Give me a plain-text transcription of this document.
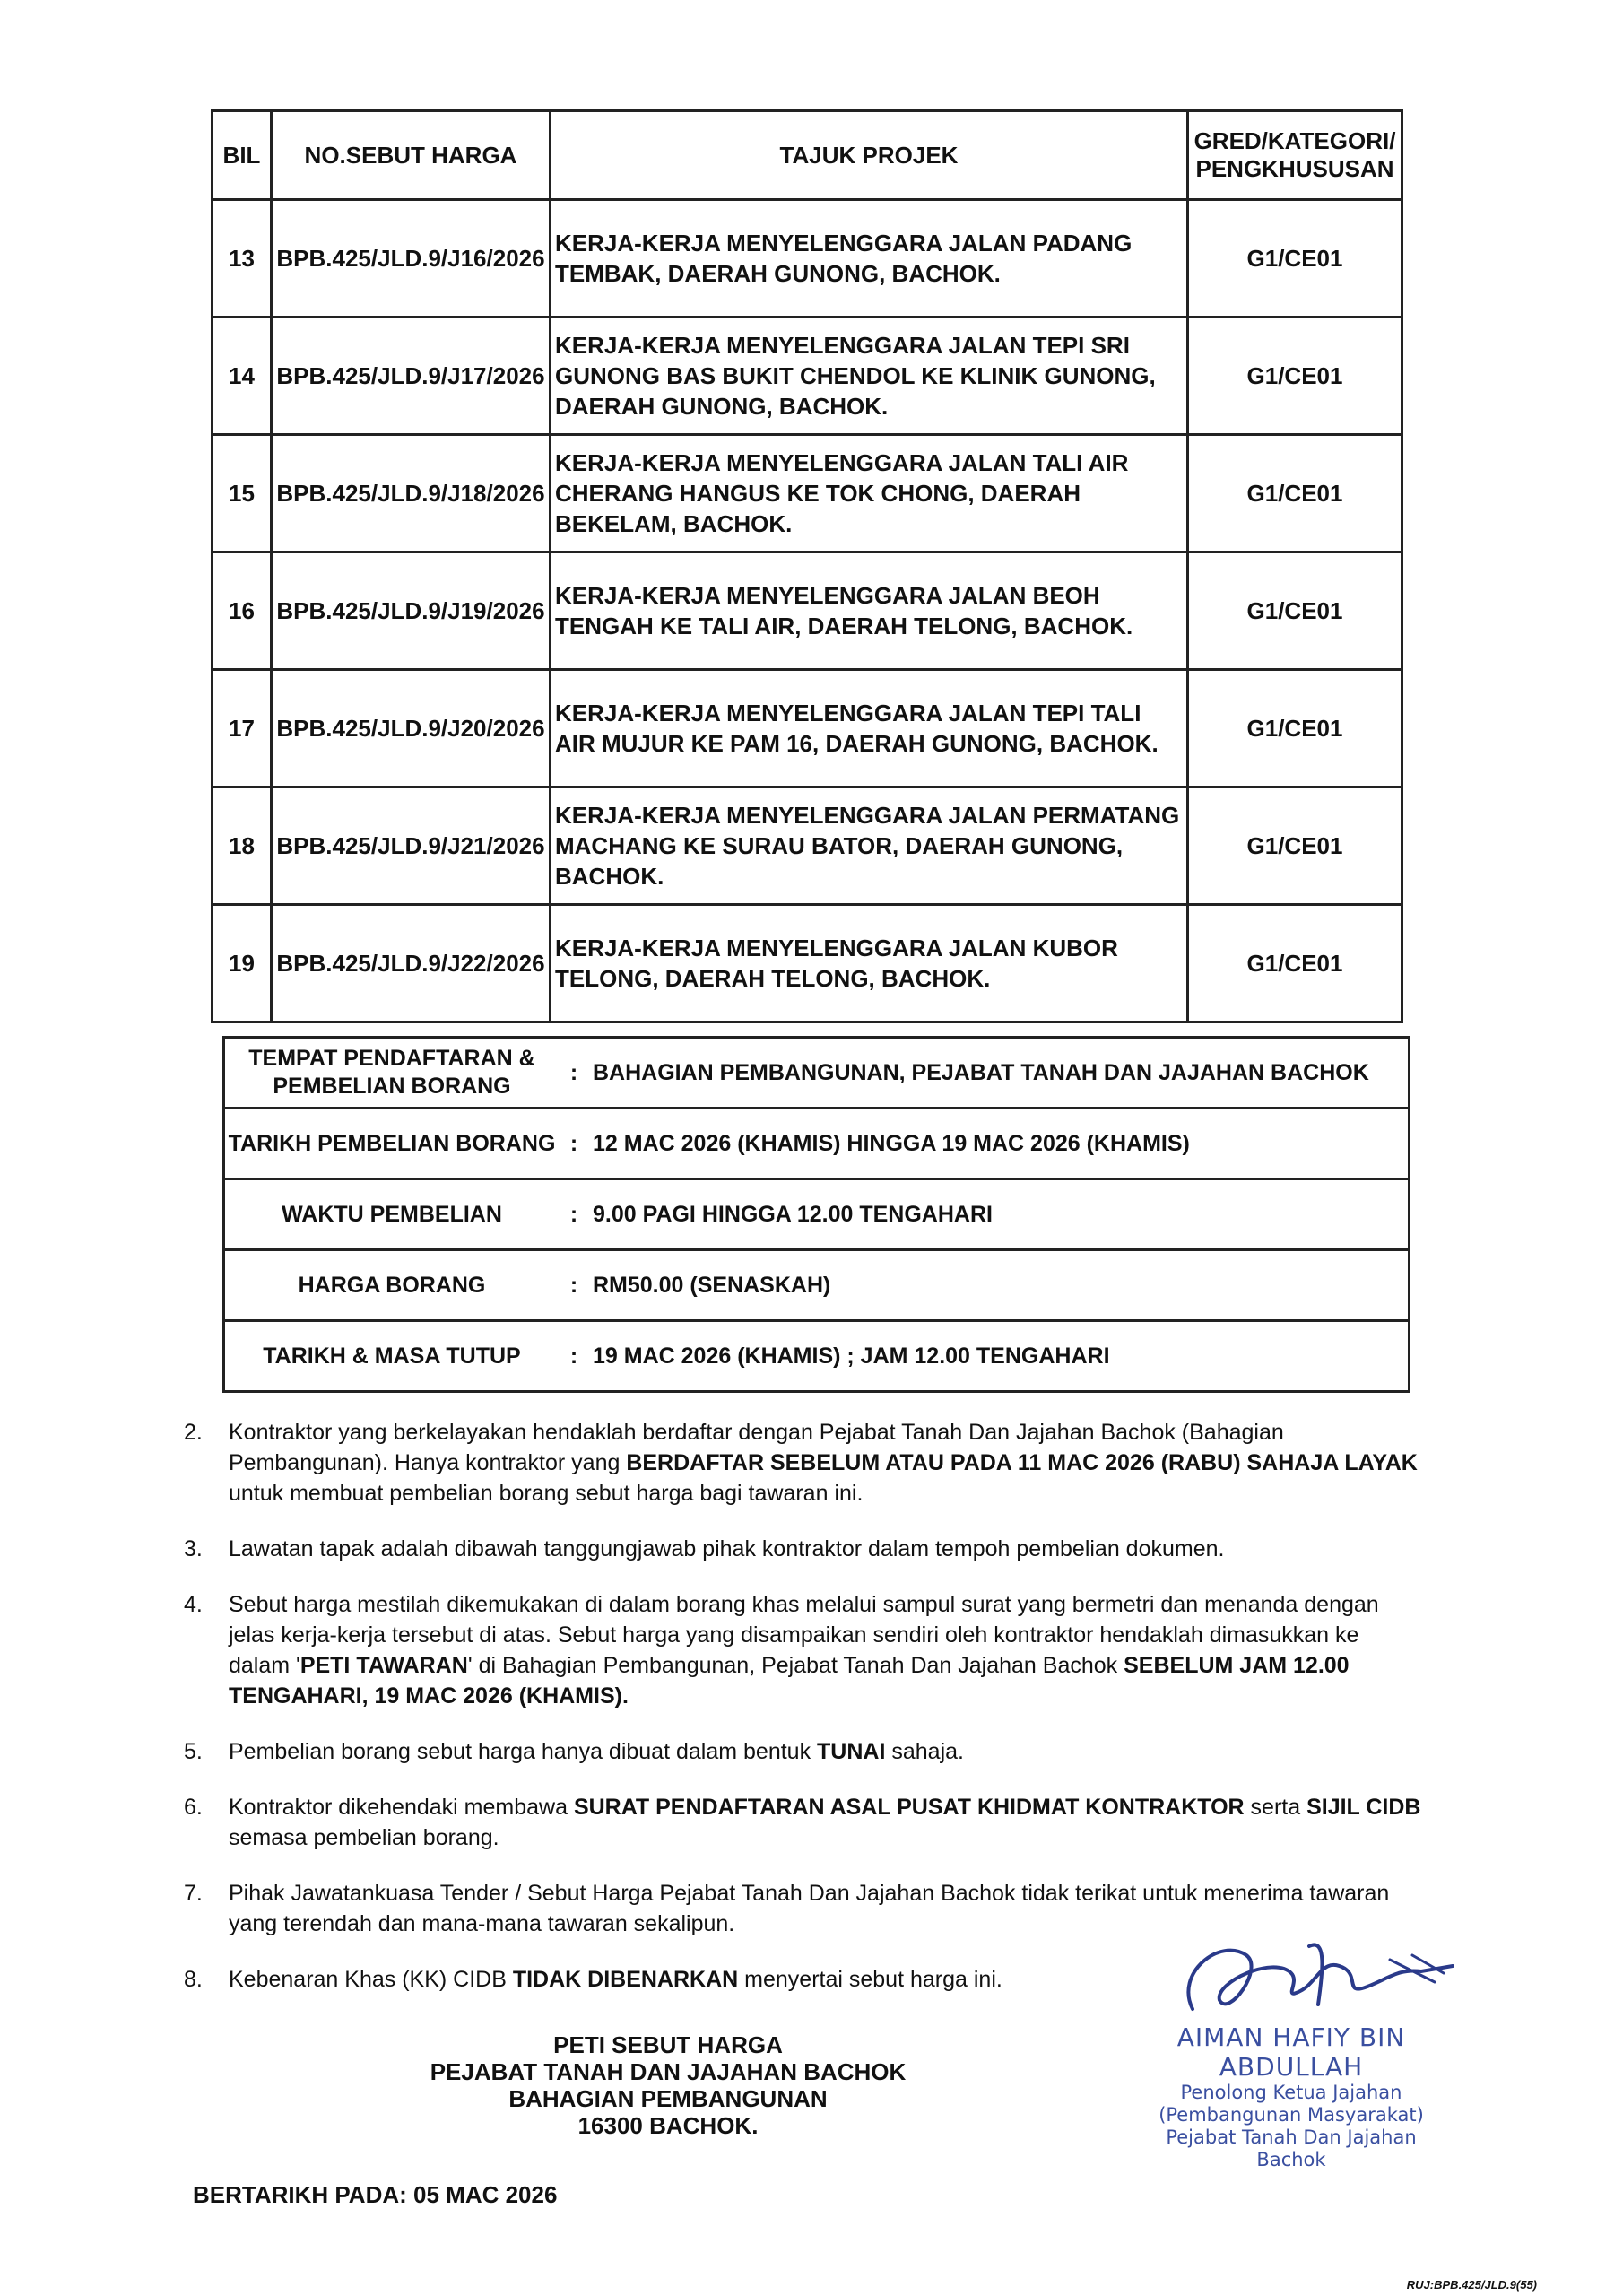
BIL	NO.SEBUT HARGA	TAJUK PROJEK	GRED/KATEGORI/ PENGKHUSUSAN
13	BPB.425/JLD.9/J16/2026	KERJA-KERJA MENYELENGGARA JALAN PADANG TEMBAK, DAERAH GUNONG, BACHOK.	G1/CE01
14	BPB.425/JLD.9/J17/2026	KERJA-KERJA MENYELENGGARA JALAN TEPI SRI GUNONG BAS BUKIT CHENDOL KE KLINIK GUNONG, DAERAH GUNONG, BACHOK.	G1/CE01
15	BPB.425/JLD.9/J18/2026	KERJA-KERJA MENYELENGGARA JALAN TALI AIR CHERANG HANGUS KE TOK CHONG, DAERAH BEKELAM, BACHOK.	G1/CE01
16	BPB.425/JLD.9/J19/2026	KERJA-KERJA MENYELENGGARA JALAN BEOH TENGAH KE TALI AIR, DAERAH TELONG, BACHOK.	G1/CE01
17	BPB.425/JLD.9/J20/2026	KERJA-KERJA MENYELENGGARA JALAN TEPI TALI AIR MUJUR KE PAM 16, DAERAH GUNONG, BACHOK.	G1/CE01
18	BPB.425/JLD.9/J21/2026	KERJA-KERJA MENYELENGGARA JALAN PERMATANG MACHANG KE SURAU BATOR, DAERAH GUNONG, BACHOK.	G1/CE01
19	BPB.425/JLD.9/J22/2026	KERJA-KERJA MENYELENGGARA JALAN KUBOR TELONG, DAERAH TELONG, BACHOK.	G1/CE01
TEMPAT PENDAFTARAN & PEMBELIAN BORANG	:	BAHAGIAN PEMBANGUNAN, PEJABAT TANAH DAN JAJAHAN BACHOK
TARIKH PEMBELIAN BORANG	:	12 MAC 2026 (KHAMIS) HINGGA 19 MAC 2026 (KHAMIS)
WAKTU PEMBELIAN	:	9.00 PAGI HINGGA 12.00 TENGAHARI
HARGA BORANG	:	RM50.00 (SENASKAH)
TARIKH & MASA TUTUP	:	19 MAC 2026 (KHAMIS) ; JAM 12.00 TENGAHARI
2.	Kontraktor yang berkelayakan hendaklah berdaftar dengan Pejabat Tanah Dan Jajahan Bachok (Bahagian Pembangunan). Hanya kontraktor yang BERDAFTAR SEBELUM ATAU PADA 11 MAC 2026 (RABU) SAHAJA LAYAK untuk membuat pembelian borang sebut harga bagi tawaran ini.
3.	Lawatan tapak adalah dibawah tanggungjawab pihak kontraktor dalam tempoh pembelian dokumen.
4.	Sebut harga mestilah dikemukakan di dalam borang khas melalui sampul surat yang bermetri dan menanda dengan jelas kerja-kerja tersebut di atas. Sebut harga yang disampaikan sendiri oleh kontraktor hendaklah dimasukkan ke dalam 'PETI TAWARAN' di Bahagian Pembangunan, Pejabat Tanah Dan Jajahan Bachok SEBELUM JAM 12.00 TENGAHARI, 19 MAC 2026 (KHAMIS).
5.	Pembelian borang sebut harga hanya dibuat dalam bentuk TUNAI sahaja.
6.	Kontraktor dikehendaki membawa SURAT PENDAFTARAN ASAL PUSAT KHIDMAT KONTRAKTOR serta SIJIL CIDB semasa pembelian borang.
7.	Pihak Jawatankuasa Tender / Sebut Harga Pejabat Tanah Dan Jajahan Bachok tidak terikat untuk menerima tawaran yang terendah dan mana-mana tawaran sekalipun.
8.	Kebenaran Khas (KK) CIDB TIDAK DIBENARKAN menyertai sebut harga ini.
AIMAN HAFIY BIN ABDULLAH
Penolong Ketua Jajahan
(Pembangunan Masyarakat)
Pejabat Tanah Dan Jajahan
Bachok
PETI SEBUT HARGA
PEJABAT TANAH DAN JAJAHAN BACHOK
BAHAGIAN PEMBANGUNAN
16300 BACHOK.
BERTARIKH PADA: 05 MAC 2026
RUJ:BPB.425/JLD.9(55)
